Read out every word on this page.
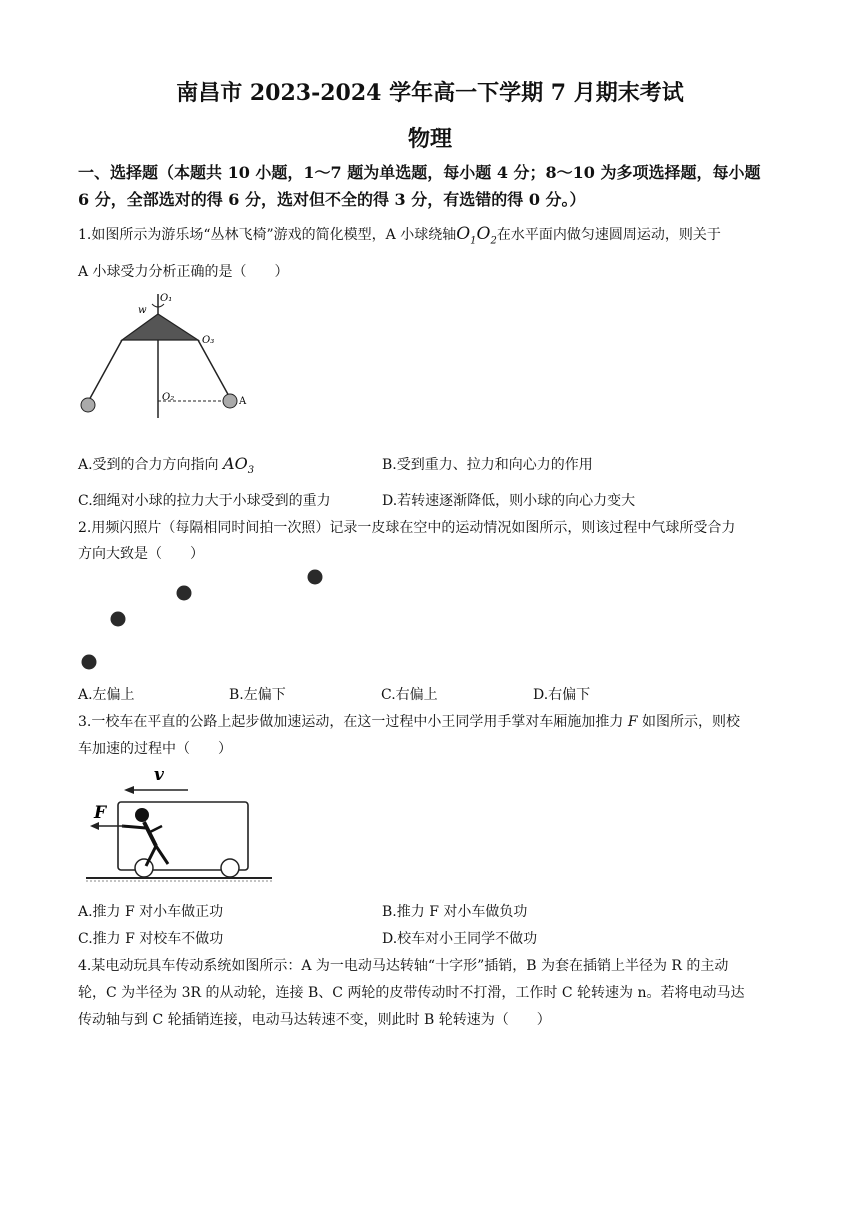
南昌市 2023-2024 学年高一下学期 7 月期末考试
物理
一、选择题（本题共 10 小题，1～7 题为单选题，每小题 4 分；8～10 为多项选择题，每小题
6 分，全部选对的得 6 分，选对但不全的得 3 分，有选错的得 0 分。）
1.如图所示为游乐场“丛林飞椅”游戏的简化模型，A 小球绕轴$O_1O_2$在水平面内做匀速圆周运动，则关于
A 小球受力分析正确的是（　　）
O₁
w
O₃
O₂	A
A.受到的合力方向指向 $AO_3$	B.受到重力、拉力和向心力的作用
C.细绳对小球的拉力大于小球受到的重力	D.若转速逐渐降低，则小球的向心力变大
2.用频闪照片（每隔相同时间拍一次照）记录一皮球在空中的运动情况如图所示，则该过程中气球所受合力
方向大致是（　　）
A.左偏上	B.左偏下	C.右偏上	D.右偏下
3.一校车在平直的公路上起步做加速运动，在这一过程中小王同学用手掌对车厢施加推力 F 如图所示，则校
车加速的过程中（　　）
v
F
A.推力 F 对小车做正功	B.推力 F 对小车做负功
C.推力 F 对校车不做功	D.校车对小王同学不做功
4.某电动玩具车传动系统如图所示：A 为一电动马达转轴“十字形”插销，B 为套在插销上半径为 R 的主动
轮，C 为半径为 3R 的从动轮，连接 B、C 两轮的皮带传动时不打滑，工作时 C 轮转速为 n。若将电动马达
传动轴与到 C 轮插销连接，电动马达转速不变，则此时 B 轮转速为（　　）
